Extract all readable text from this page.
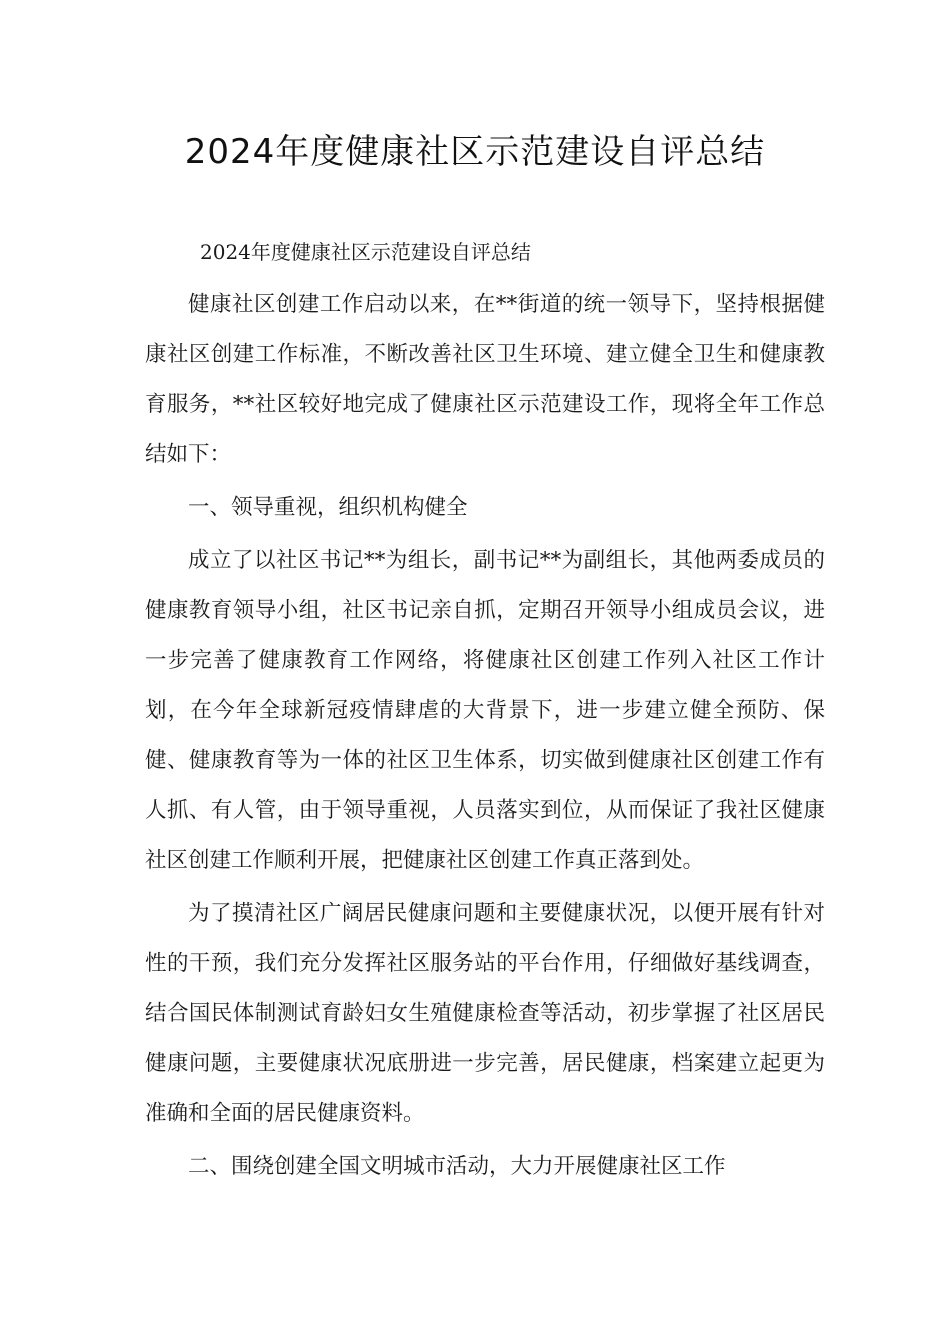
2024年度健康社区示范建设自评总结
2024年度健康社区示范建设自评总结

健康社区创建工作启动以来，在**街道的统一领导下，坚持根据健康社区创建工作标准，不断改善社区卫生环境、建立健全卫生和健康教育服务，**社区较好地完成了健康社区示范建设工作，现将全年工作总结如下：

一、领导重视，组织机构健全

成立了以社区书记**为组长，副书记**为副组长，其他两委成员的健康教育领导小组，社区书记亲自抓，定期召开领导小组成员会议，进一步完善了健康教育工作网络，将健康社区创建工作列入社区工作计划，在今年全球新冠疫情肆虐的大背景下，进一步建立健全预防、保健、健康教育等为一体的社区卫生体系，切实做到健康社区创建工作有人抓、有人管，由于领导重视，人员落实到位，从而保证了我社区健康社区创建工作顺利开展，把健康社区创建工作真正落到处。

为了摸清社区广阔居民健康问题和主要健康状况，以便开展有针对性的干预，我们充分发挥社区服务站的平台作用，仔细做好基线调查，结合国民体制测试育龄妇女生殖健康检查等活动，初步掌握了社区居民健康问题，主要健康状况底册进一步完善，居民健康，档案建立起更为准确和全面的居民健康资料。

二、围绕创建全国文明城市活动，大力开展健康社区工作
